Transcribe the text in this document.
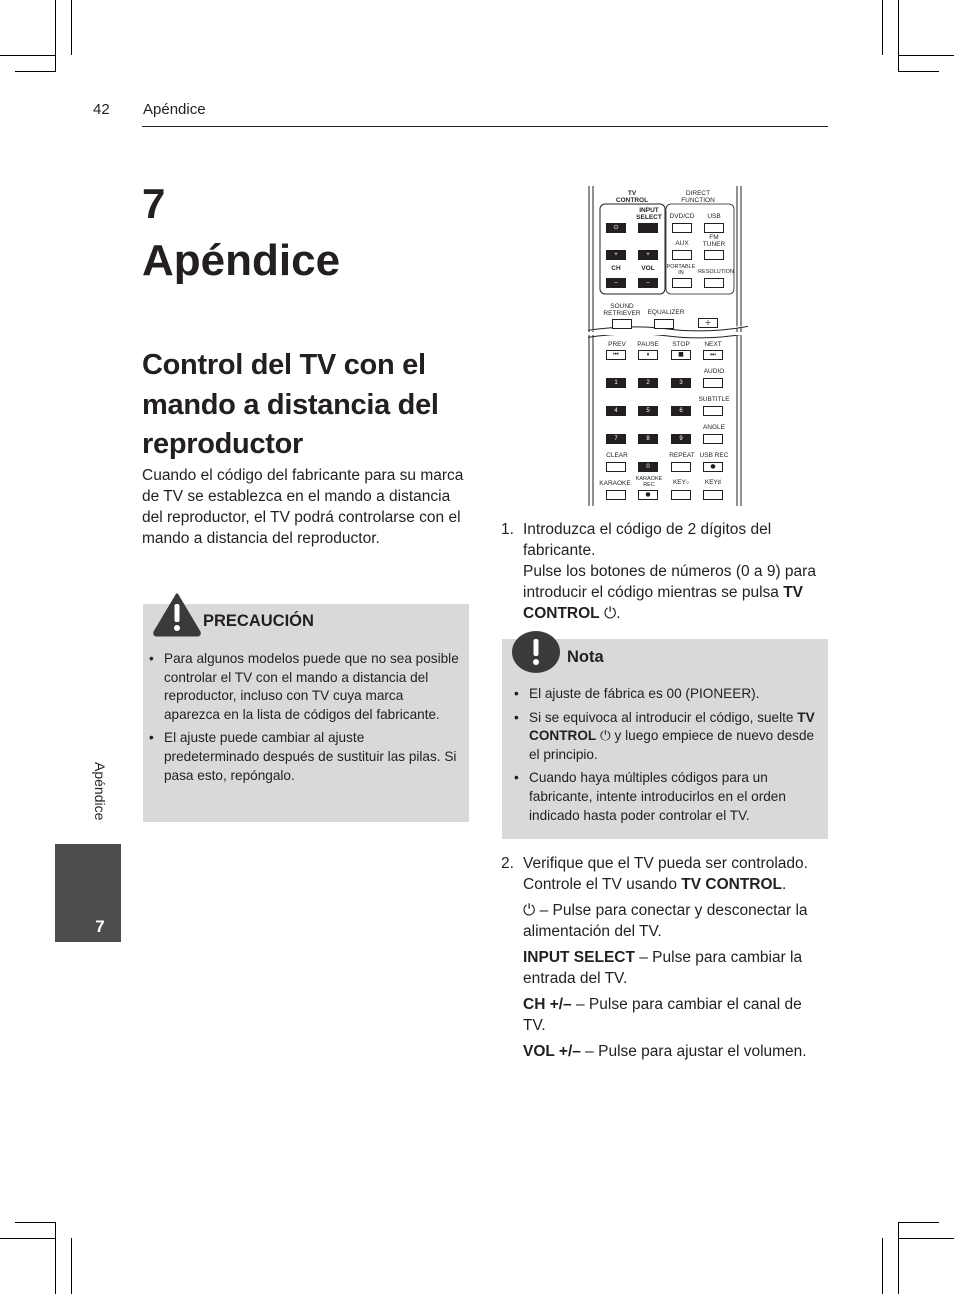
42 Apéndice
7
Apéndice
Control del TV con el mando a distancia del reproductor
Cuando el código del fabricante para su marca de TV se establezca en el mando a distancia del reproductor, el TV podrá controlarse con el mando a distancia del reproductor.
PRECAUCIÓN
• Para algunos modelos puede que no sea posible controlar el TV con el mando a distancia del reproductor, incluso con TV cuya marca aparezca en la lista de códigos del fabricante.
• El ajuste puede cambiar al ajuste predeterminado después de sustituir las pilas. Si pasa esto, repóngalo.
TV
CONTROL
DIRECT
FUNCTION
INPUT
SELECT	DVD/CD	USB
⏻
AUX
FM
TUNER
+	+
CH	VOL	PORTABLE
IN	RESOLUTION
–	–
SOUND
RETRIEVER	EQUALIZER
+
PREV	PAUSE	STOP	NEXT
⏮	⏸	■	⏭
AUDIO
1	2	3
SUBTITLE
4	5	6
ANGLE
7	8	9
CLEAR	REPEAT USB REC
0	●
KARAOKE
KARAOKE
REC	KEY♭	KEY♯
●
1. Introduzca el código de 2 dígitos del fabricante.
Pulse los botones de números (0 a 9) para introducir el código mientras se pulsa TV CONTROL ⏻.
Nota
• El ajuste de fábrica es 00 (PIONEER).
• Si se equivoca al introducir el código, suelte TV CONTROL ⏻ y luego empiece de nuevo desde el principio.
• Cuando haya múltiples códigos para un fabricante, intente introducirlos en el orden indicado hasta poder controlar el TV.
2. Verifique que el TV pueda ser controlado.
Controle el TV usando TV CONTROL.
⏻ – Pulse para conectar y desconectar la alimentación del TV.
INPUT SELECT – Pulse para cambiar la entrada del TV.
CH +/– – Pulse para cambiar el canal de TV.
VOL +/– – Pulse para ajustar el volumen.
Apéndice
7
